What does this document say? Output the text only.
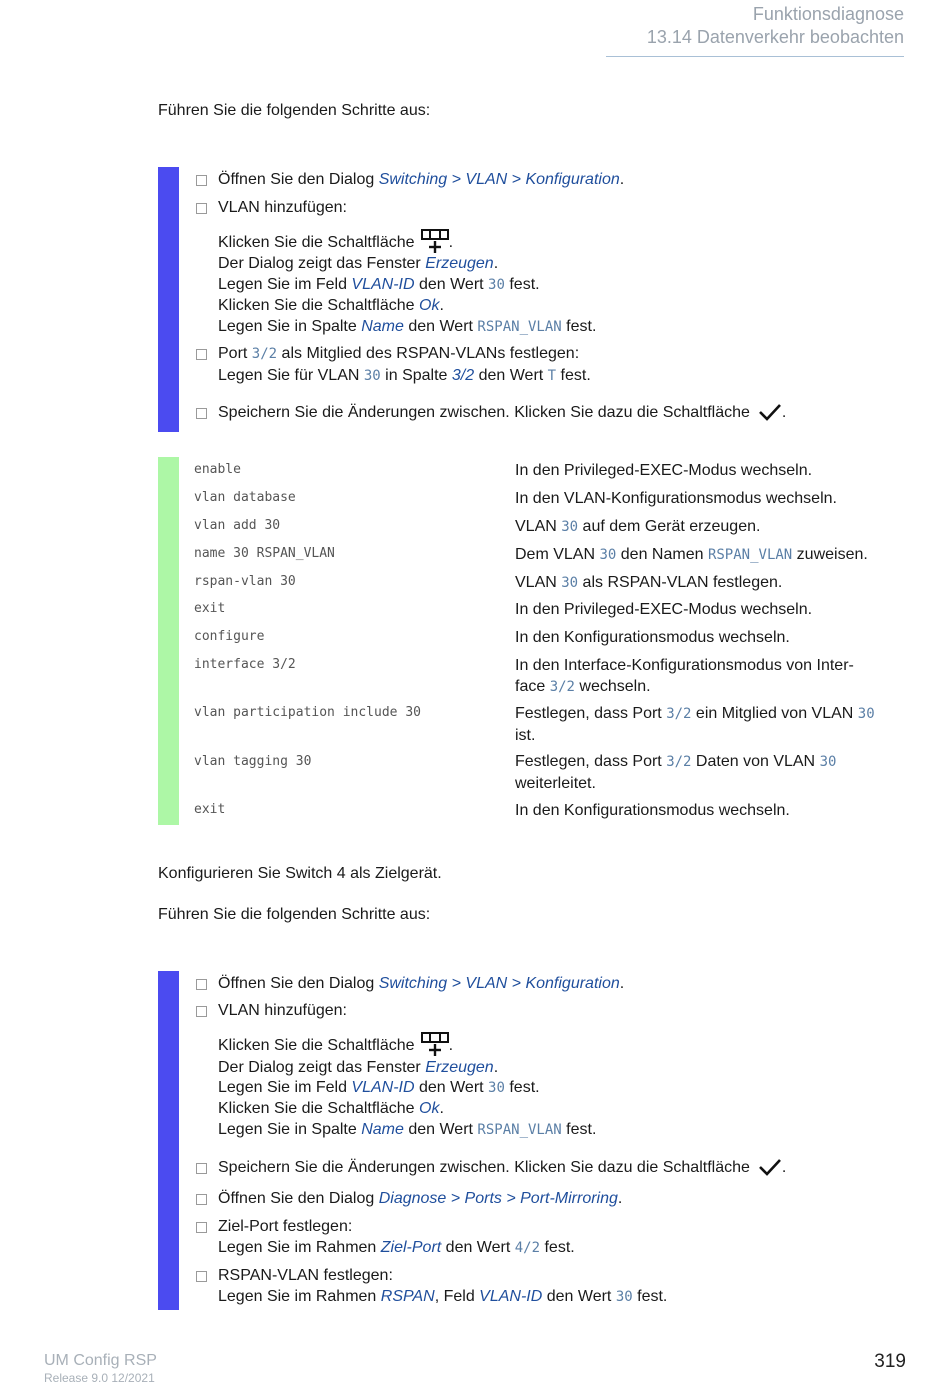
Funktionsdiagnose
13.14 Datenverkehr beobachten
Führen Sie die folgenden Schritte aus:
Öffnen Sie den Dialog Switching > VLAN > Konfiguration.
VLAN hinzufügen:
Klicken Sie die Schaltfläche .
Der Dialog zeigt das Fenster Erzeugen.
Legen Sie im Feld VLAN-ID den Wert 30 fest.
Klicken Sie die Schaltfläche Ok.
Legen Sie in Spalte Name den Wert RSPAN_VLAN fest.
Port 3/2 als Mitglied des RSPAN-VLANs festlegen:
Legen Sie für VLAN 30 in Spalte 3/2 den Wert T fest.
Speichern Sie die Änderungen zwischen. Klicken Sie dazu die Schaltfläche .
enable	In den Privileged-EXEC-Modus wechseln.
vlan database	In den VLAN-Konfigurationsmodus wechseln.
vlan add 30	VLAN 30 auf dem Gerät erzeugen.
name 30 RSPAN_VLAN	Dem VLAN 30 den Namen RSPAN_VLAN zuweisen.
rspan-vlan 30	VLAN 30 als RSPAN-VLAN festlegen.
exit	In den Privileged-EXEC-Modus wechseln.
configure	In den Konfigurationsmodus wechseln.
interface 3/2	In den Interface-Konfigurationsmodus von Inter-
face 3/2 wechseln.
vlan participation include 30	Festlegen, dass Port 3/2 ein Mitglied von VLAN 30
ist.
vlan tagging 30	Festlegen, dass Port 3/2 Daten von VLAN 30
weiterleitet.
exit	In den Konfigurationsmodus wechseln.
Konfigurieren Sie Switch 4 als Zielgerät.
Führen Sie die folgenden Schritte aus:
Öffnen Sie den Dialog Switching > VLAN > Konfiguration.
VLAN hinzufügen:
Klicken Sie die Schaltfläche .
Der Dialog zeigt das Fenster Erzeugen.
Legen Sie im Feld VLAN-ID den Wert 30 fest.
Klicken Sie die Schaltfläche Ok.
Legen Sie in Spalte Name den Wert RSPAN_VLAN fest.
Speichern Sie die Änderungen zwischen. Klicken Sie dazu die Schaltfläche .
Öffnen Sie den Dialog Diagnose > Ports > Port-Mirroring.
Ziel-Port festlegen:
Legen Sie im Rahmen Ziel-Port den Wert 4/2 fest.
RSPAN-VLAN festlegen:
Legen Sie im Rahmen RSPAN, Feld VLAN-ID den Wert 30 fest.
UM Config RSP
Release 9.0 12/2021
319
